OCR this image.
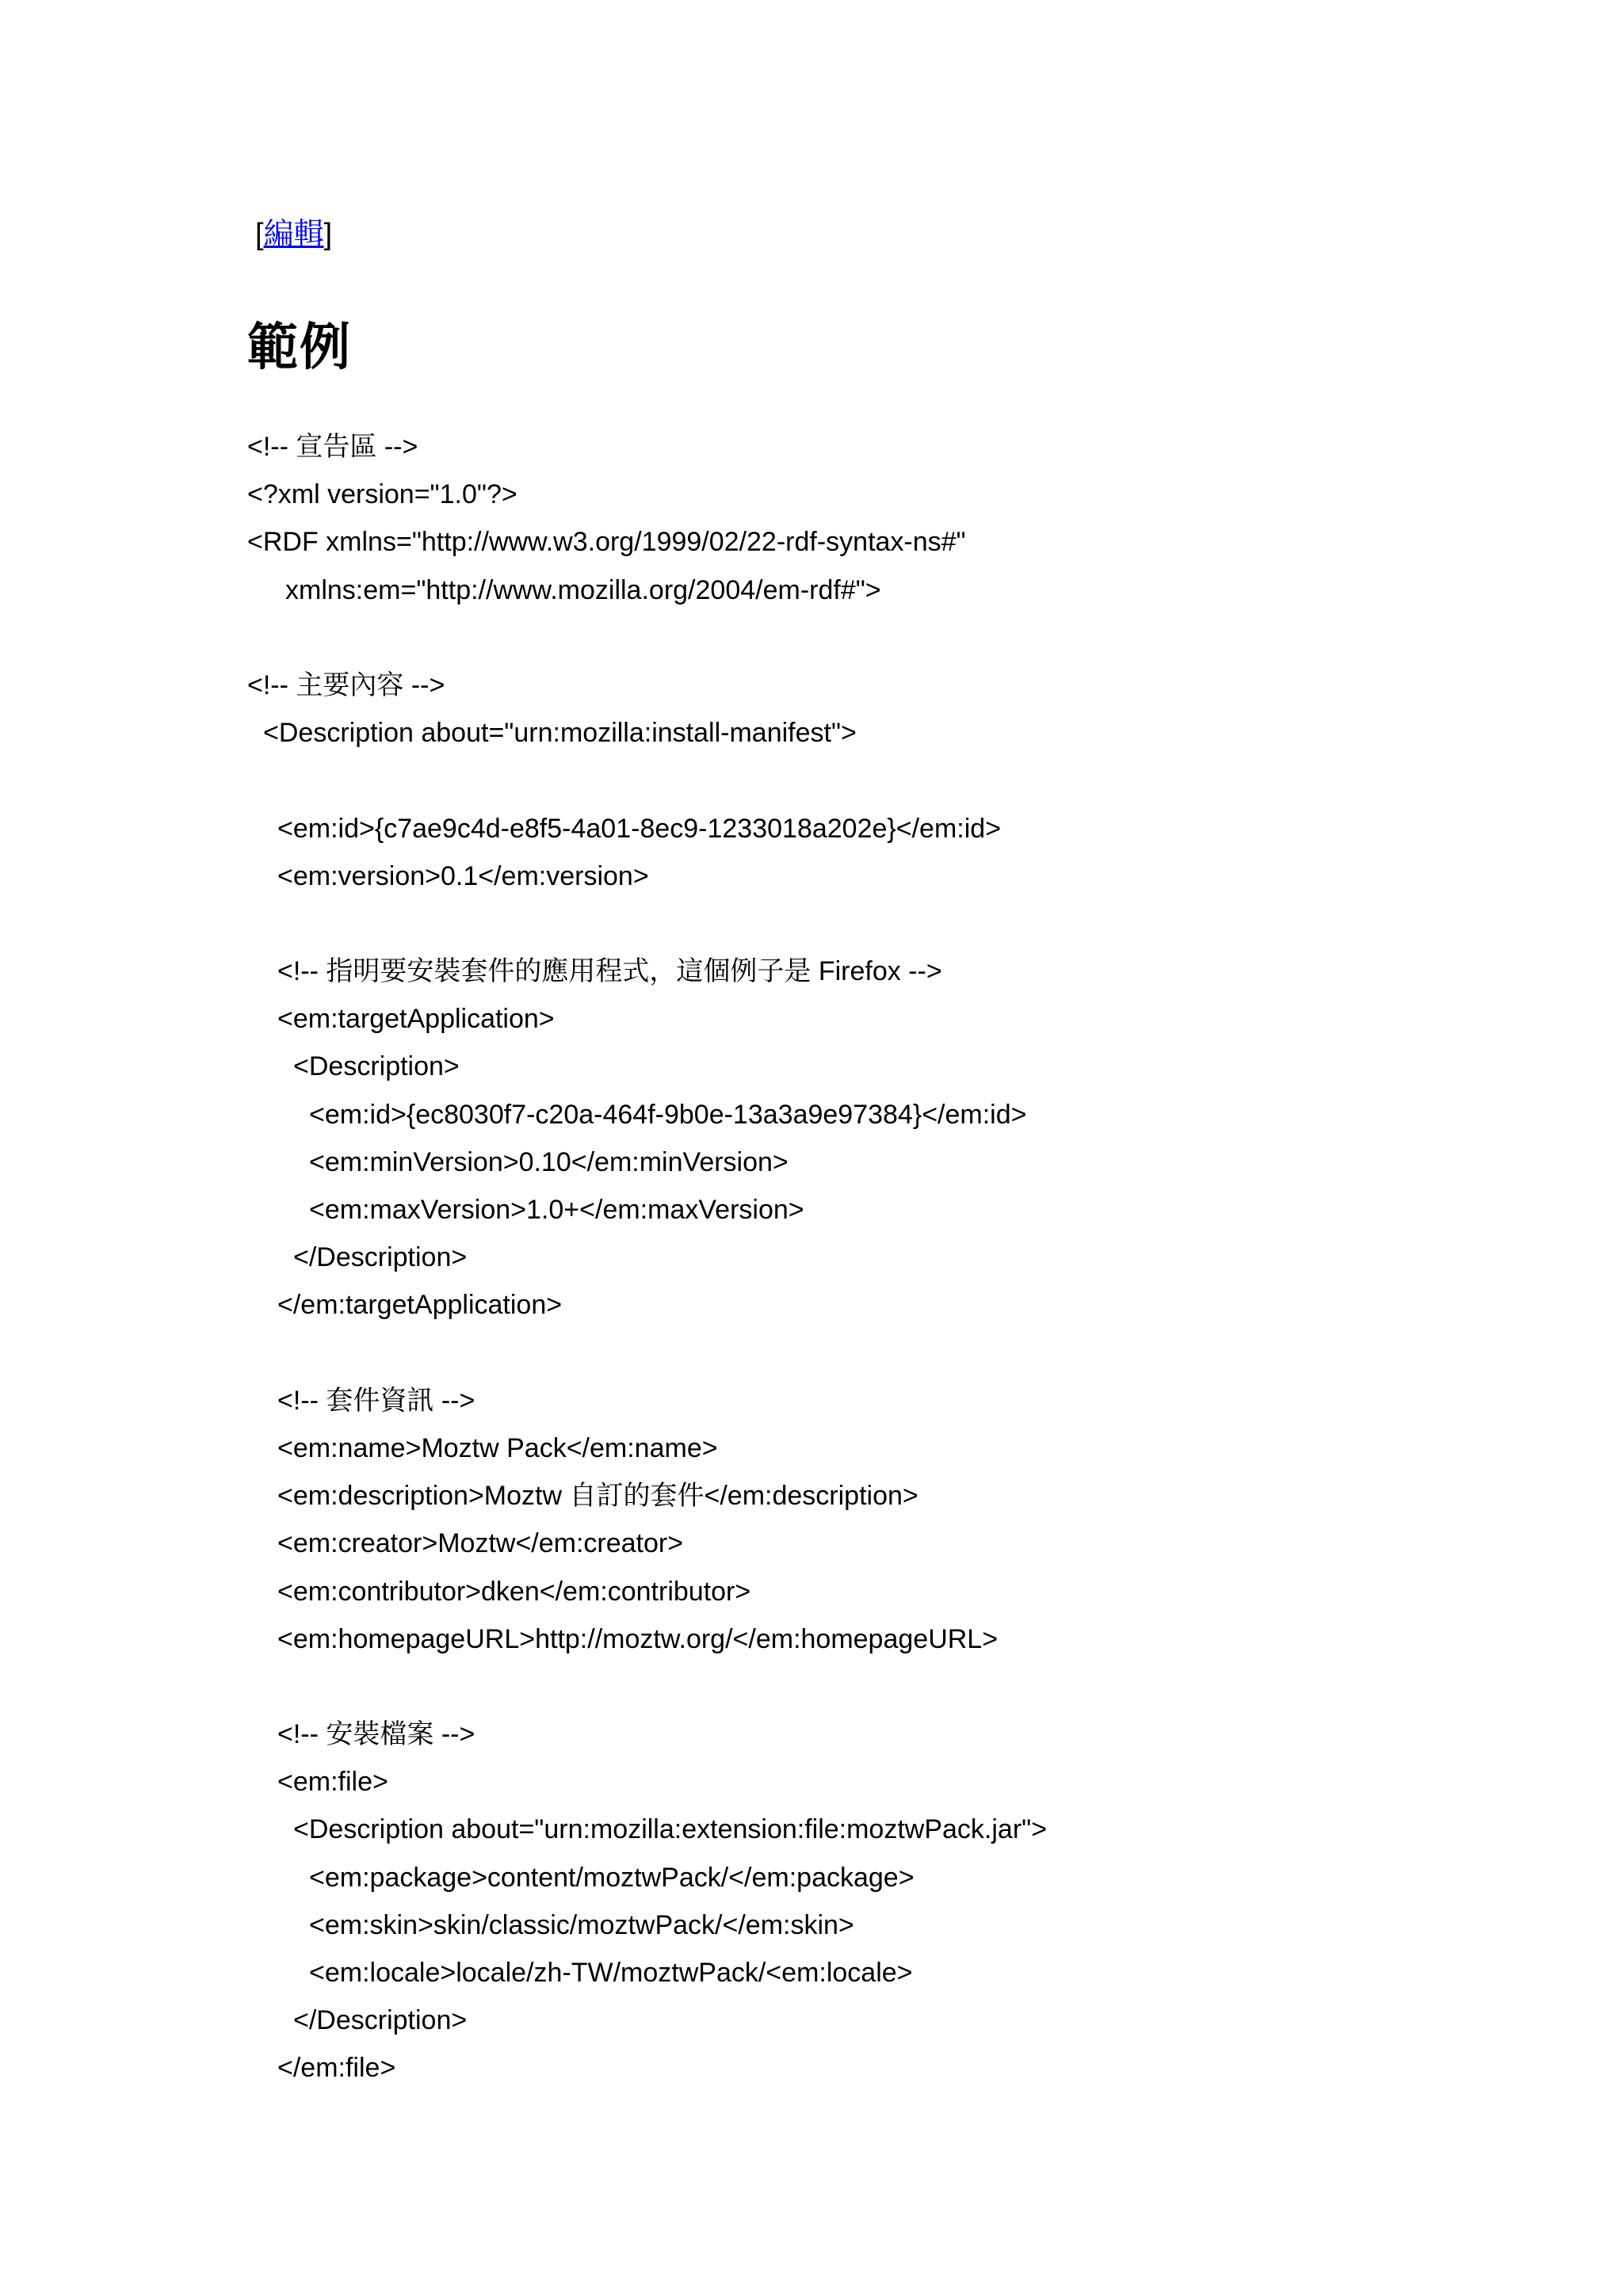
[編輯]
範例
<!-- 宣告區 -->
<?xml version="1.0"?>
<RDF xmlns="http://www.w3.org/1999/02/22-rdf-syntax-ns#"
xmlns:em="http://www.mozilla.org/2004/em-rdf#">
<!-- 主要內容 -->
<Description about="urn:mozilla:install-manifest">
<em:id>{c7ae9c4d-e8f5-4a01-8ec9-1233018a202e}</em:id>
<em:version>0.1</em:version>
<!-- 指明要安裝套件的應用程式，這個例子是 Firefox -->
<em:targetApplication>
<Description>
<em:id>{ec8030f7-c20a-464f-9b0e-13a3a9e97384}</em:id>
<em:minVersion>0.10</em:minVersion>
<em:maxVersion>1.0+</em:maxVersion>
</Description>
</em:targetApplication>
<!-- 套件資訊 -->
<em:name>Moztw Pack</em:name>
<em:description>Moztw 自訂的套件</em:description>
<em:creator>Moztw</em:creator>
<em:contributor>dken</em:contributor>
<em:homepageURL>http://moztw.org/</em:homepageURL>
<!-- 安裝檔案 -->
<em:file>
<Description about="urn:mozilla:extension:file:moztwPack.jar">
<em:package>content/moztwPack/</em:package>
<em:skin>skin/classic/moztwPack/</em:skin>
<em:locale>locale/zh-TW/moztwPack/<em:locale>
</Description>
</em:file>
